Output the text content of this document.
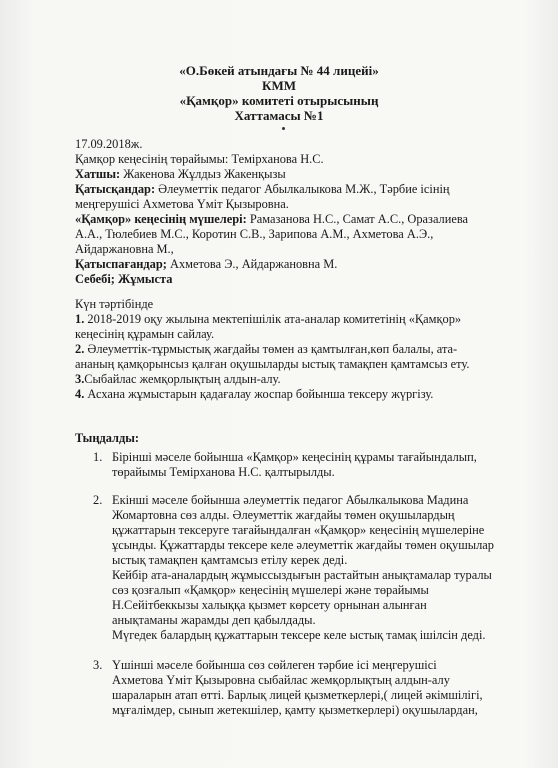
«О.Бөкей атындағы № 44 лицейі»
КММ
«Қамқор» комитеті отырысының
Хаттамасы №1
17.09.2018ж.
Қамқор кеңесінің төрайымы: Темірханова Н.С.
Хатшы: Жакенова Жұлдыз Жакенқызы
Қатысқандар: Әлеуметтік педагог Абылкалыкова М.Ж., Тәрбие ісінің
меңгерушісі Ахметова Үміт Қызыровна.
«Қамқор» кеңесінің мүшелері: Рамазанова Н.С., Самат А.С., Оразалиева
А.А., Тюлебиев М.С., Коротин С.В., Зарипова А.М., Ахметова А.Э.,
Айдаржановна М.,
Қатыспағандар; Ахметова Э., Айдаржановна М.
Себебі; Жұмыста
Күн тәртібінде
1. 2018-2019 оқу жылына мектепішілік ата-аналар комитетінің «Қамқор»
кеңесінің құрамын сайлау.
2. Әлеуметтік-тұрмыстық жағдайы төмен аз қамтылған,көп балалы, ата-
ананың қамқорынсыз қалған оқушыларды ыстық тамақпен қамтамсыз ету.
3.Сыбайлас жемқорлықтың алдын-алу.
4. Асхана жұмыстарын қадағалау жоспар бойынша тексеру жүргізу.
Тыңдалды:
1. Бірінші мәселе бойынша «Қамқор» кеңесінің құрамы тағайындалып,
төрайымы Темірханова Н.С. қалтырылды.
2. Екінші мәселе бойынша әлеуметтік педагог Абылкалыкова Мадина
Жомартовна сөз алды. Әлеуметтік жағдайы төмен оқушылардың
құжаттарын тексеруге тағайындалған «Қамқор» кеңесінің мүшелеріне
ұсынды. Құжаттарды тексере келе әлеуметтік жағдайы төмен оқушылар
ыстық тамақпен қамтамсыз етілу керек деді.
Кейбір ата-аналардың жұмыссыздығын растайтын анықтамалар туралы
сөз қозғалып «Қамқор» кеңесінің мүшелері және төрайымы
Н.Сейітбеккызы халыққа қызмет көрсету орнынан алынған
анықтаманы жарамды деп қабылдады.
Мүгедек балардың құжаттарын тексере келе ыстық тамақ ішілсін деді.
3. Үшінші мәселе бойынша сөз сөйлеген тәрбие ісі меңгерушісі
Ахметова Үміт Қызыровна сыбайлас жемқорлықтың алдын-алу
шараларын атап өтті. Барлық лицей қызметкерлері,( лицей әкімшілігі,
мұғалімдер, сынып жетекшілер, қамту қызметкерлері) оқушылардан,
